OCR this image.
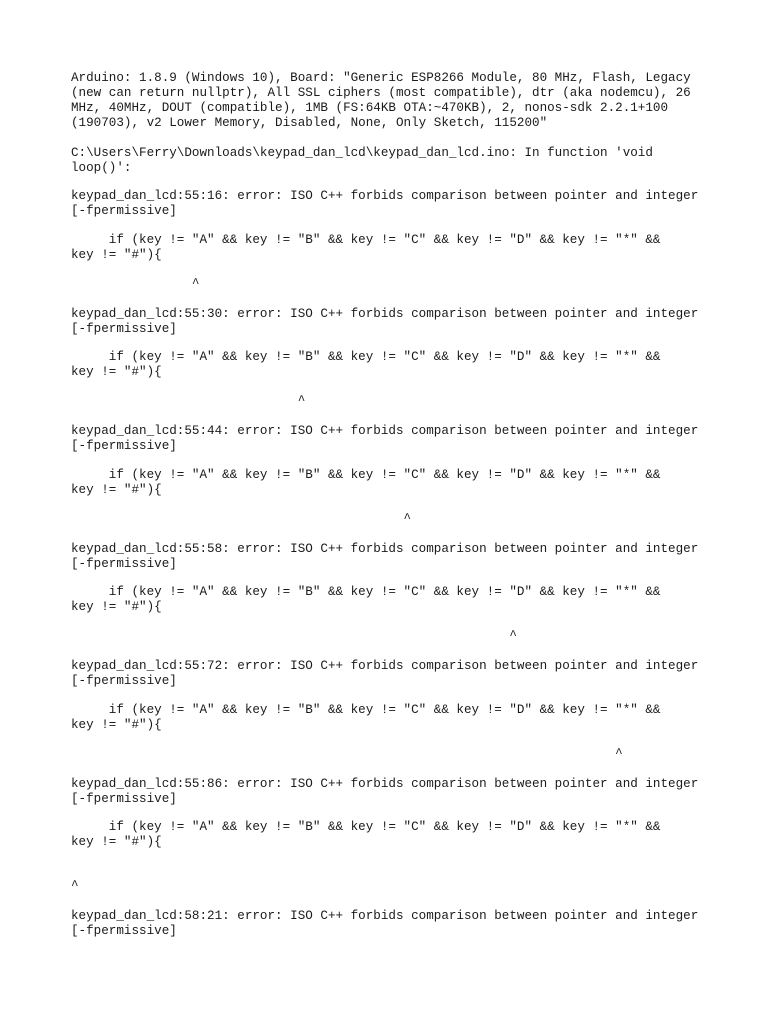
Arduino: 1.8.9 (Windows 10), Board: "Generic ESP8266 Module, 80 MHz, Flash, Legacy
(new can return nullptr), All SSL ciphers (most compatible), dtr (aka nodemcu), 26
MHz, 40MHz, DOUT (compatible), 1MB (FS:64KB OTA:~470KB), 2, nonos-sdk 2.2.1+100
(190703), v2 Lower Memory, Disabled, None, Only Sketch, 115200"
C:\Users\Ferry\Downloads\keypad_dan_lcd\keypad_dan_lcd.ino: In function 'void
loop()':
keypad_dan_lcd:55:16: error: ISO C++ forbids comparison between pointer and integer
[-fpermissive]
if (key != "A" && key != "B" && key != "C" && key != "D" && key != "*" &&
key != "#"){
^
keypad_dan_lcd:55:30: error: ISO C++ forbids comparison between pointer and integer
[-fpermissive]
if (key != "A" && key != "B" && key != "C" && key != "D" && key != "*" &&
key != "#"){
^
keypad_dan_lcd:55:44: error: ISO C++ forbids comparison between pointer and integer
[-fpermissive]
if (key != "A" && key != "B" && key != "C" && key != "D" && key != "*" &&
key != "#"){
^
keypad_dan_lcd:55:58: error: ISO C++ forbids comparison between pointer and integer
[-fpermissive]
if (key != "A" && key != "B" && key != "C" && key != "D" && key != "*" &&
key != "#"){
^
keypad_dan_lcd:55:72: error: ISO C++ forbids comparison between pointer and integer
[-fpermissive]
if (key != "A" && key != "B" && key != "C" && key != "D" && key != "*" &&
key != "#"){
^
keypad_dan_lcd:55:86: error: ISO C++ forbids comparison between pointer and integer
[-fpermissive]
if (key != "A" && key != "B" && key != "C" && key != "D" && key != "*" &&
key != "#"){
^
keypad_dan_lcd:58:21: error: ISO C++ forbids comparison between pointer and integer
[-fpermissive]
